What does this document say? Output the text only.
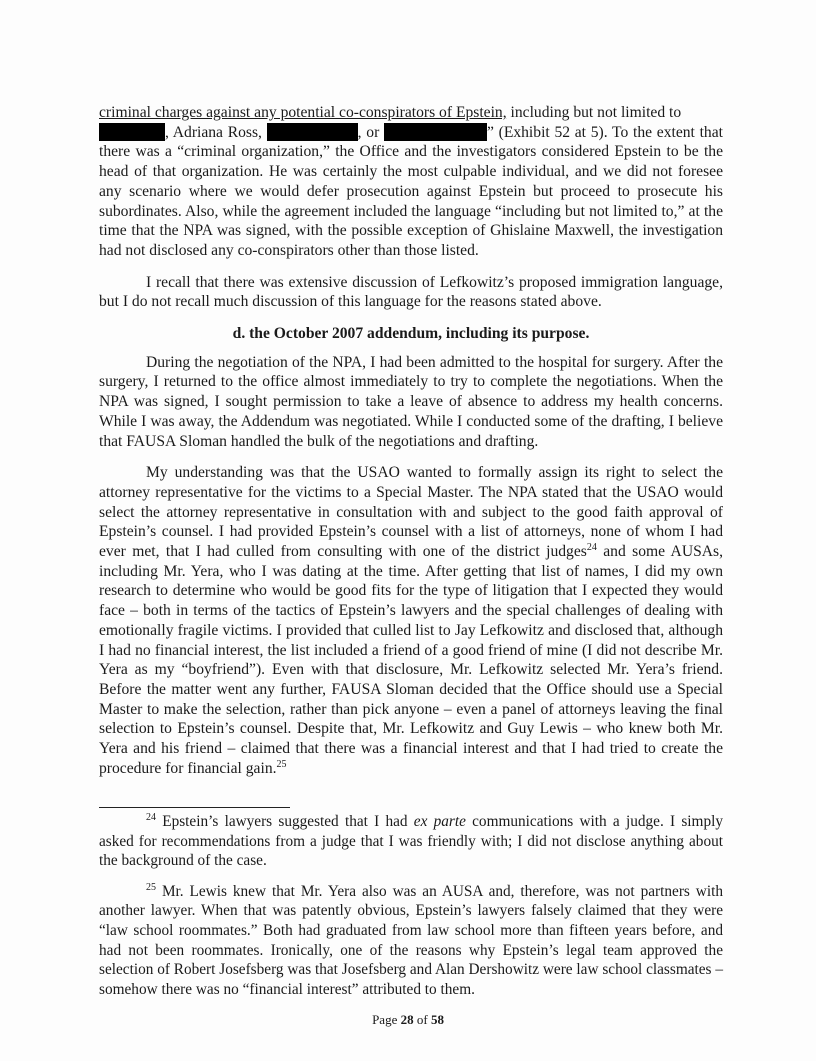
criminal charges against any potential co-conspirators of Epstein, including but not limited to
, Adriana Ross,	, or	” (Exhibit 52 at 5). To the extent that there was a “criminal organization,” the Office and the investigators considered Epstein to be the head of that organization. He was certainly the most culpable individual, and we did not foresee any scenario where we would defer prosecution against Epstein but proceed to prosecute his subordinates. Also, while the agreement included the language “including but not limited to,” at the time that the NPA was signed, with the possible exception of Ghislaine Maxwell, the investigation had not disclosed any co-conspirators other than those listed.

I recall that there was extensive discussion of Lefkowitz’s proposed immigration language, but I do not recall much discussion of this language for the reasons stated above.

d. the October 2007 addendum, including its purpose.

During the negotiation of the NPA, I had been admitted to the hospital for surgery. After the surgery, I returned to the office almost immediately to try to complete the negotiations. When the NPA was signed, I sought permission to take a leave of absence to address my health concerns. While I was away, the Addendum was negotiated. While I conducted some of the drafting, I believe that FAUSA Sloman handled the bulk of the negotiations and drafting.

My understanding was that the USAO wanted to formally assign its right to select the attorney representative for the victims to a Special Master. The NPA stated that the USAO would select the attorney representative in consultation with and subject to the good faith approval of Epstein’s counsel. I had provided Epstein’s counsel with a list of attorneys, none of whom I had ever met, that I had culled from consulting with one of the district judges$^{24}$ and some AUSAs, including Mr. Yera, who I was dating at the time. After getting that list of names, I did my own research to determine who would be good fits for the type of litigation that I expected they would face – both in terms of the tactics of Epstein’s lawyers and the special challenges of dealing with emotionally fragile victims. I provided that culled list to Jay Lefkowitz and disclosed that, although I had no financial interest, the list included a friend of a good friend of mine (I did not describe Mr. Yera as my “boyfriend”). Even with that disclosure, Mr. Lefkowitz selected Mr. Yera’s friend. Before the matter went any further, FAUSA Sloman decided that the Office should use a Special Master to make the selection, rather than pick anyone – even a panel of attorneys leaving the final selection to Epstein’s counsel. Despite that, Mr. Lefkowitz and Guy Lewis – who knew both Mr. Yera and his friend – claimed that there was a financial interest and that I had tried to create the procedure for financial gain.$^{25}$

$^{24}$ Epstein’s lawyers suggested that I had ex parte communications with a judge. I simply asked for recommendations from a judge that I was friendly with; I did not disclose anything about the background of the case.

$^{25}$ Mr. Lewis knew that Mr. Yera also was an AUSA and, therefore, was not partners with another lawyer. When that was patently obvious, Epstein’s lawyers falsely claimed that they were “law school roommates.” Both had graduated from law school more than fifteen years before, and had not been roommates. Ironically, one of the reasons why Epstein’s legal team approved the selection of Robert Josefsberg was that Josefsberg and Alan Dershowitz were law school classmates – somehow there was no “financial interest” attributed to them.

Page 28 of 58
